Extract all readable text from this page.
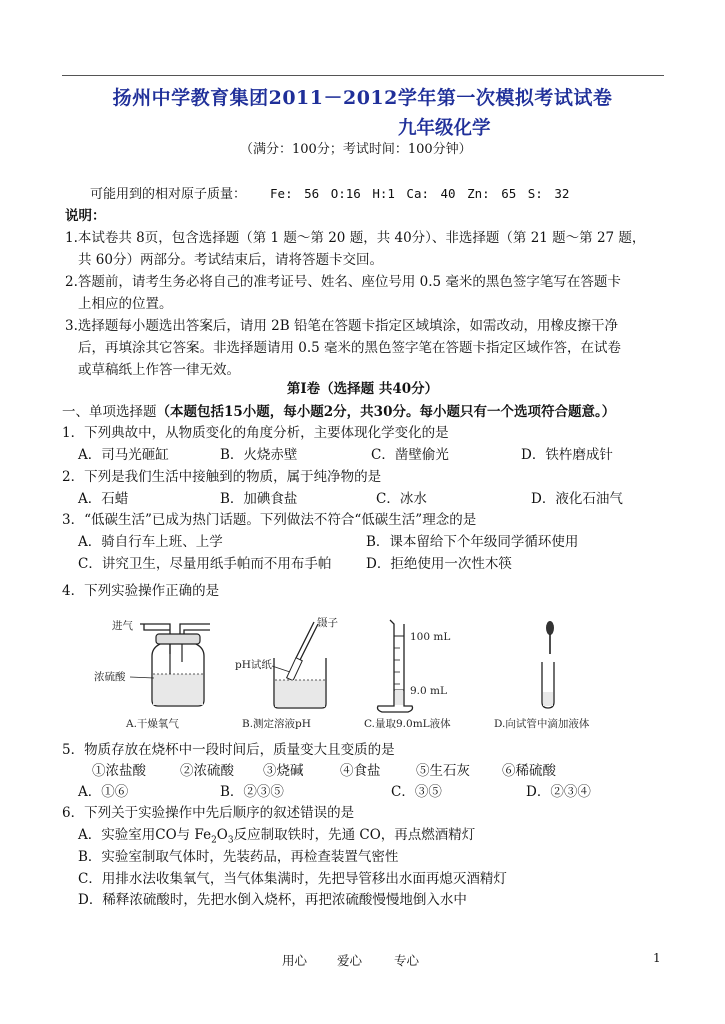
扬州中学教育集团2011－2012学年第一次模拟考试试卷
九年级化学
（满分：100分；考试时间：100分钟）
可能用到的相对原子质量： Fe: 56 O:16 H:1 Ca: 40 Zn: 65 S: 32
说明：
1.本试卷共 8页，包含选择题（第 1 题～第 20 题，共 40分）、非选择题（第 21 题～第 27 题，
共 60分）两部分。考试结束后，请将答题卡交回。
2.答题前，请考生务必将自己的准考证号、姓名、座位号用 0.5 毫米的黑色签字笔写在答题卡
上相应的位置。
3.选择题每小题选出答案后，请用 2B 铅笔在答题卡指定区域填涂，如需改动，用橡皮擦干净
后，再填涂其它答案。非选择题请用 0.5 毫米的黑色签字笔在答题卡指定区域作答，在试卷
或草稿纸上作答一律无效。
第Ⅰ卷（选择题 共40分）
一、单项选择题（本题包括15小题，每小题2分，共30分。每小题只有一个选项符合题意。）
1．下列典故中，从物质变化的角度分析，主要体现化学变化的是
A．司马光砸缸	B．火烧赤壁	C．凿壁偷光	D．铁杵磨成针
2．下列是我们生活中接触到的物质，属于纯净物的是
A．石蜡	B．加碘食盐	C．冰水	D．液化石油气
3．“低碳生活”已成为热门话题。下列做法不符合“低碳生活”理念的是
A．骑自行车上班、上学	B．课本留给下个年级同学循环使用
C．讲究卫生，尽量用纸手帕而不用布手帕	D．拒绝使用一次性木筷
4．下列实验操作正确的是
进气
浓硫酸
A.干燥氧气
镊子
pH试纸
B.测定溶液pH
100 mL
9.0 mL
C.量取9.0mL液体	D.向试管中滴加液体
5．物质存放在烧杯中一段时间后，质量变大且变质的是
①浓盐酸	②浓硫酸 ③烧碱	④食盐	⑤生石灰 ⑥稀硫酸
A．①⑥	B．②③⑤	C．③⑤	D．②③④
6．下列关于实验操作中先后顺序的叙述错误的是
A．实验室用CO与 $Fe_2O_3$反应制取铁时，先通 CO，再点燃酒精灯
B．实验室制取气体时，先装药品，再检查装置气密性
C．用排水法收集氧气，当气体集满时，先把导管移出水面再熄灭酒精灯
D．稀释浓硫酸时，先把水倒入烧杯，再把浓硫酸慢慢地倒入水中
用心 爱心	专心	1
